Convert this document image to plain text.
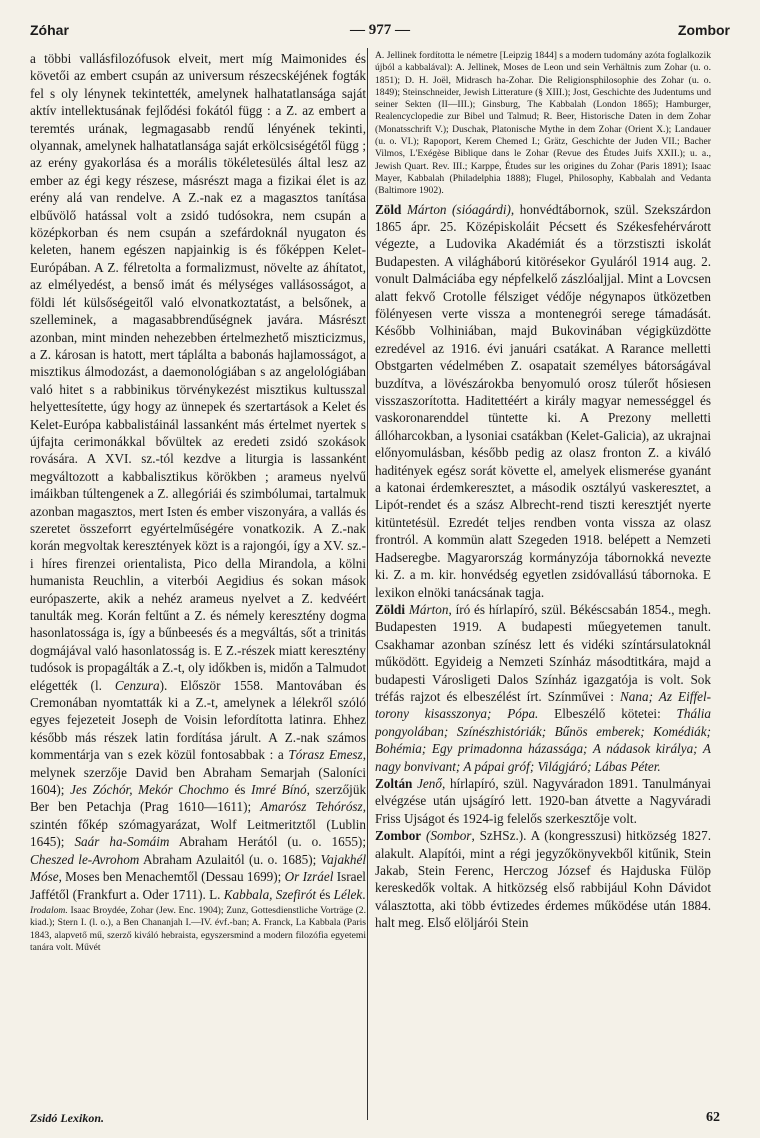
Zóhar	— 977 —	Zombor

a többi vallásfilozófusok elveit, mert míg Maimonides és követői az embert csupán az universum részecskéjének fogták fel s oly lénynek tekintették, amelynek halhatatlansága saját aktív intellektusának fejlődési fokától függ : a Z. az embert a teremtés urának, legmagasabb rendű lényének tekinti, olyannak, amelynek halhatatlansága saját erkölcsiségétől függ ; az erény gyakorlása és a morális tökéletesülés által lesz az ember az égi kegy részese, másrészt maga a fizikai élet is az erény alá van rendelve. A Z.-nak ez a magasztos tanítása elbűvölő hatással volt a zsidó tudósokra, nem csupán a középkorban és nem csupán a szefárdoknál nyugaton és keleten, hanem egészen napjainkig is és főképpen Kelet-Európában. A Z. félretolta a formalizmust, növelte az áhítatot, az elmélyedést, a benső imát és mélységes vallásosságot, a földi lét külsőségeitől való elvonatkoztatást, a belsőnek, a szelleminek, a magasabbrendűségnek javára. Másrészt azonban, mint minden nehezebben értelmezhető miszticizmus, a Z. károsan is hatott, mert táplálta a babonás hajlamosságot, a misztikus álmodozást, a daemonológiában s az angelológiában való hitet s a rabbinikus törvénykezést misztikus kultusszal helyettesítette, úgy hogy az ünnepek és szertartások a Kelet és Kelet-Európa kabbalistáinál lassanként más értelmet nyertek s újfajta cerimonákkal bővültek az eredeti zsidó szokások rovására. A XVI. sz.-tól kezdve a liturgia is lassanként megváltozott a kabbalisztikus körökben ; arameus nyelvű imáikban túltengenek a Z. allegóriái és szimbólumai, tartalmuk azonban magasztos, mert Isten és ember viszonyára, a vallás és szeretet összeforrt egyértelműségére vonatkozik. A Z.-nak korán megvoltak keresztények közt is a rajongói, így a XV. sz.-i híres firenzei orientalista, Pico della Mirandola, a kölni humanista Reuchlin, a viterbói Aegidius és sokan mások európaszerte, akik a nehéz arameus nyelvet a Z. kedvéért tanulták meg. Korán feltűnt a Z. és némely keresztény dogma hasonlatossága is, így a bűnbeesés és a megváltás, sőt a trinitás dogmájával való hasonlatosság is. E Z.-részek miatt keresztény tudósok is propagálták a Z.-t, oly időkben is, midőn a Talmudot elégették (l. Cenzura). Először 1558. Mantovában és Cremonában nyomtatták ki a Z.-t, amelynek a lélekről szóló egyes fejezeteit Joseph de Voisin lefordította latinra. Ehhez később más részek latin fordítása járult. A Z.-nak számos kommentárja van s ezek közül fontosabbak : a Tórasz Emesz, melynek szerzője David ben Abraham Semarjah (Saloníci 1604); Jes Zóchór, Mekór Chochmo és Imré Bínó, szerzőjük Ber ben Petachja (Prag 1610—1611); Amarósz Tehórósz, szintén főkép szómagyarázat, Wolf Leitmeritztől (Lublin 1645); Saár ha-Somáim Abraham Herától (u. o. 1655); Cheszed le-Avrohom Abraham Azulaitól (u. o. 1685); Vajakhél Móse, Moses ben Menachemtől (Dessau 1699); Or Izráel Israel Jaffétől (Frankfurt a. Oder 1711). L. Kabbala, Szefirót és Lélek.

Irodalom. Isaac Broydée, Zohar (Jew. Enc. 1904); Zunz, Gottesdienstliche Vorträge (2. kiad.); Stern I. (l. o.), a Ben Chananjah I.—IV. évf.-ban; A. Franck, La Kabbala (Paris 1843, alapvető mű, szerző kiváló hebraista, egyszersmind a modern filozófia egyetemi tanára volt. Művét

A. Jellinek fordította le németre [Leipzig 1844] s a modern tudomány azóta foglalkozik újból a kabbalával): A. Jellinek, Moses de Leon und sein Verhältnis zum Zohar (u. o. 1851); D. H. Joël, Midrasch ha-Zohar. Die Religionsphilosophie des Zohar (u. o. 1849); Steinschneider, Jewish Litterature (§ XIII.); Jost, Geschichte des Judentums und seiner Sekten (II—III.); Ginsburg, The Kabbalah (London 1865); Hamburger, Realencyclopedie zur Bibel und Talmud; R. Beer, Historische Daten in dem Zohar (Monatsschrift V.); Duschak, Platonische Mythe in dem Zohar (Orient X.); Landauer (u. o. VI.); Rapoport, Kerem Chemed I.; Grätz, Geschichte der Juden VII.; Bacher Vilmos, L'Exégèse Biblique dans le Zohar (Revue des Études Juifs XXII.); u. a., Jewish Quart. Rev. III.; Karppe, Études sur les origines du Zohar (Paris 1891); Isaac Mayer, Kabbalah (Philadelphia 1888); Flugel, Philosophy, Kabbalah and Vedanta (Baltimore 1902).

Zöld Márton (sióagárdi), honvédtábornok, szül. Szekszárdon 1865 ápr. 25. Középiskoláit Pécsett és Székesfehérvárott végezte, a Ludovika Akadémiát és a törzstiszti iskolát Budapesten. A világháború kitörésekor Gyuláról 1914 aug. 2. vonult Dalmáciába egy népfelkelő zászlóaljjal. Mint a Lovcsen alatt fekvő Crotolle félsziget védője négynapos ütközetben fölényesen verte vissza a montenegrói serege támadását. Később Volhiniában, majd Bukovinában végigküzdötte ezredével az 1916. évi januári csatákat. A Rarance melletti Obstgarten védelmében Z. osapatait személyes bátorságával buzdítva, a lövészárokba benyomuló orosz túlerőt hősiesen visszaszorította. Haditettéért a király magyar nemességgel és vaskoronarenddel tüntette ki. A Prezony melletti állóharcokban, a lysoniai csatákban (Kelet-Galicia), az ukrajnai előnyomulásban, később pedig az olasz fronton Z. a kiváló haditények egész sorát követte el, amelyek elismerése gyanánt a katonai érdemkeresztet, a második osztályú vaskeresztet, a Lipót-rendet és a szász Albrecht-rend tiszti keresztjét nyerte kitüntetésül. Ezredét teljes rendben vonta vissza az olasz frontról. A kommün alatt Szegeden 1918. belépett a Nemzeti Hadseregbe. Magyarország kormányzója tábornokká nevezte ki. Z. a m. kir. honvédség egyetlen zsidóvallású tábornoka. E lexikon elnöki tanácsának tagja.

Zöldi Márton, író és hírlapíró, szül. Békéscsabán 1854., megh. Budapesten 1919. A budapesti műegyetemen tanult. Csakhamar azonban színész lett és vidéki színtársulatoknál működött. Egyideig a Nemzeti Színház másodtitkára, majd a budapesti Városligeti Dalos Színház igazgatója is volt. Sok tréfás rajzot és elbeszélést írt. Színművei : Nana; Az Eiffel-torony kisasszonya; Pópa. Elbeszélő kötetei: Thália pongyolában; Színészhistóriák; Bűnös emberek; Komédiák; Bohémia; Egy primadonna házassága; A nádasok királya; A nagy bonvivant; A pápai gróf; Világjáró; Lábas Péter.

Zoltán Jenő, hírlapíró, szül. Nagyváradon 1891. Tanulmányai elvégzése után ujságíró lett. 1920-ban átvette a Nagyváradi Friss Ujságot és 1924-ig felelős szerkesztője volt.

Zombor (Sombor, SzHSz.). A (kongresszusi) hitközség 1827. alakult. Alapítói, mint a régi jegyzőkönyvekből kitűnik, Stein Jakab, Stein Ferenc, Herczog József és Hajduska Fülöp kereskedők voltak. A hitközség első rabbijául Kohn Dávidot választotta, aki több évtizedes érdemes működése után 1884. halt meg. Első elöljárói Stein

Zsidó Lexikon.	62
